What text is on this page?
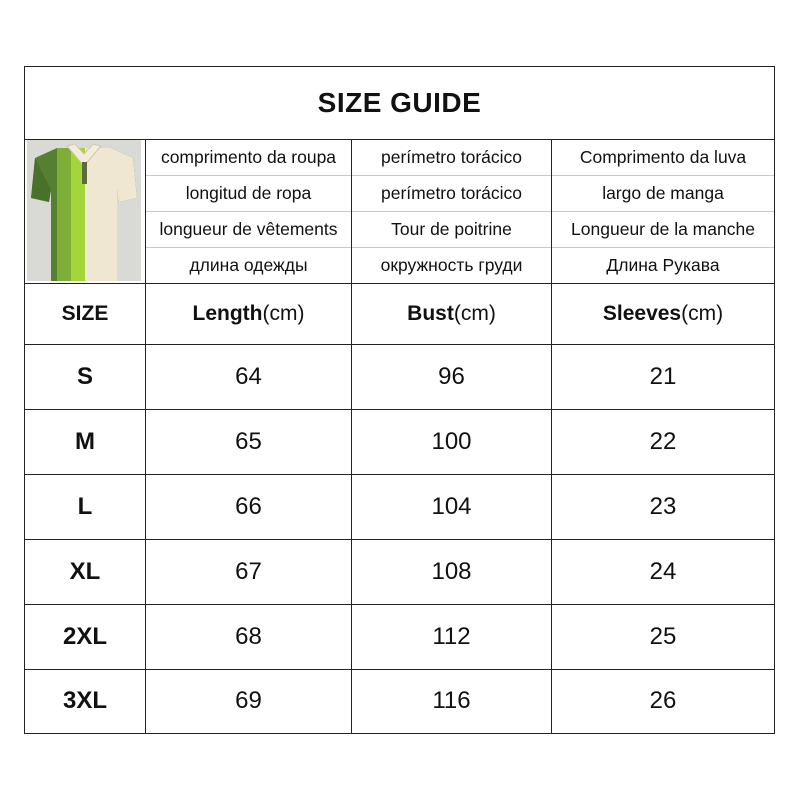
SIZE GUIDE
comprimento da roupa	perímetro torácico	Comprimento da luva
longitud de ropa	perímetro torácico	largo de manga
longueur de vêtements	Tour de poitrine	Longueur de la manche
длина одежды	окружность груди	Длина Рукава
SIZE	Length (cm)	Bust (cm)	Sleeves (cm)
S	64	96	21
M	65	100	22
L	66	104	23
XL	67	108	24
2XL	68	112	25
3XL	69	116	26
